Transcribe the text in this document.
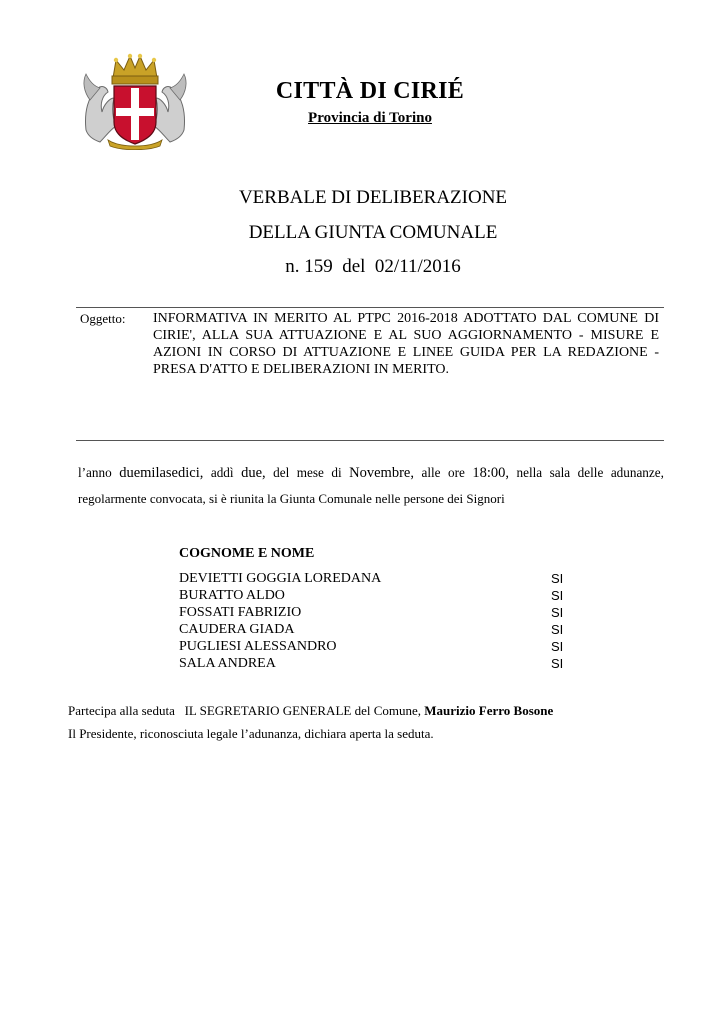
CITTÀ DI CIRIÉ
Provincia di Torino
VERBALE DI DELIBERAZIONE
DELLA GIUNTA COMUNALE
n. 159  del  02/11/2016
Oggetto: INFORMATIVA IN MERITO AL PTPC 2016-2018 ADOTTATO DAL COMUNE DI CIRIE', ALLA SUA ATTUAZIONE E AL SUO AGGIORNAMENTO - MISURE E AZIONI IN CORSO DI ATTUAZIONE E LINEE GUIDA PER LA REDAZIONE - PRESA D'ATTO E DELIBERAZIONI IN MERITO.
l’anno duemilasedici, addì due, del mese di Novembre, alle ore 18:00, nella sala delle adunanze,
regolarmente convocata, si è riunita la Giunta Comunale nelle persone dei Signori
COGNOME E NOME
DEVIETTI GOGGIA LOREDANA	SI
BURATTO ALDO	SI
FOSSATI FABRIZIO	SI
CAUDERA GIADA	SI
PUGLIESI ALESSANDRO	SI
SALA ANDREA	SI
Partecipa alla seduta   IL SEGRETARIO GENERALE del Comune, Maurizio Ferro Bosone
Il Presidente, riconosciuta legale l’adunanza, dichiara aperta la seduta.
